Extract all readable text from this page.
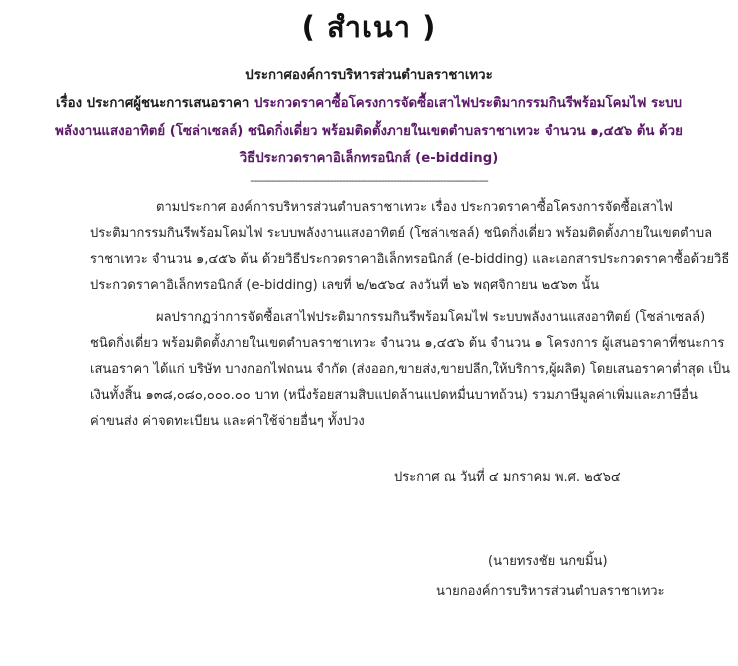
( สำเนา )
ประกาศองค์การบริหารส่วนตำบลราชาเทวะ
เรื่อง ประกาศผู้ชนะการเสนอราคา ประกวดราคาซื้อโครงการจัดซื้อเสาไฟประติมากรรมกินรีพร้อมโคมไฟ ระบบ
พลังงานแสงอาทิตย์ (โซล่าเซลล์) ชนิดกิ่งเดี่ยว พร้อมติดตั้งภายในเขตตำบลราชาเทวะ จำนวน ๑,๔๕๖ ต้น ด้วย
วิธีประกวดราคาอิเล็กทรอนิกส์ (e-bidding)
--------------------------------------------------------------------------------
ตามประกาศ องค์การบริหารส่วนตำบลราชาเทวะ เรื่อง ประกวดราคาซื้อโครงการจัดซื้อเสาไฟ
ประติมากรรมกินรีพร้อมโคมไฟ ระบบพลังงานแสงอาทิตย์ (โซล่าเซลล์) ชนิดกิ่งเดี่ยว พร้อมติดตั้งภายในเขตตำบล
ราชาเทวะ จำนวน ๑,๔๕๖ ต้น ด้วยวิธีประกวดราคาอิเล็กทรอนิกส์ (e-bidding) และเอกสารประกวดราคาซื้อด้วยวิธี
ประกวดราคาอิเล็กทรอนิกส์ (e-bidding) เลขที่ ๒/๒๕๖๔ ลงวันที่ ๒๖ พฤศจิกายน ๒๕๖๓ นั้น
ผลปรากฏว่าการจัดซื้อเสาไฟประติมากรรมกินรีพร้อมโคมไฟ ระบบพลังงานแสงอาทิตย์ (โซล่าเซลล์)
ชนิดกิ่งเดี่ยว พร้อมติดตั้งภายในเขตตำบลราชาเทวะ จำนวน ๑,๔๕๖ ต้น จำนวน ๑ โครงการ ผู้เสนอราคาที่ชนะการ
เสนอราคา ได้แก่ บริษัท บางกอกไฟถนน จำกัด (ส่งออก,ขายส่ง,ขายปลีก,ให้บริการ,ผู้ผลิต) โดยเสนอราคาต่ำสุด เป็น
เงินทั้งสิ้น ๑๓๘,๐๘๐,๐๐๐.๐๐ บาท (หนึ่งร้อยสามสิบแปดล้านแปดหมื่นบาทถ้วน) รวมภาษีมูลค่าเพิ่มและภาษีอื่น
ค่าขนส่ง ค่าจดทะเบียน และค่าใช้จ่ายอื่นๆ ทั้งปวง
ประกาศ ณ วันที่ ๔ มกราคม พ.ศ. ๒๕๖๔
(นายทรงชัย นกขมิ้น)
นายกองค์การบริหารส่วนตำบลราชาเทวะ
